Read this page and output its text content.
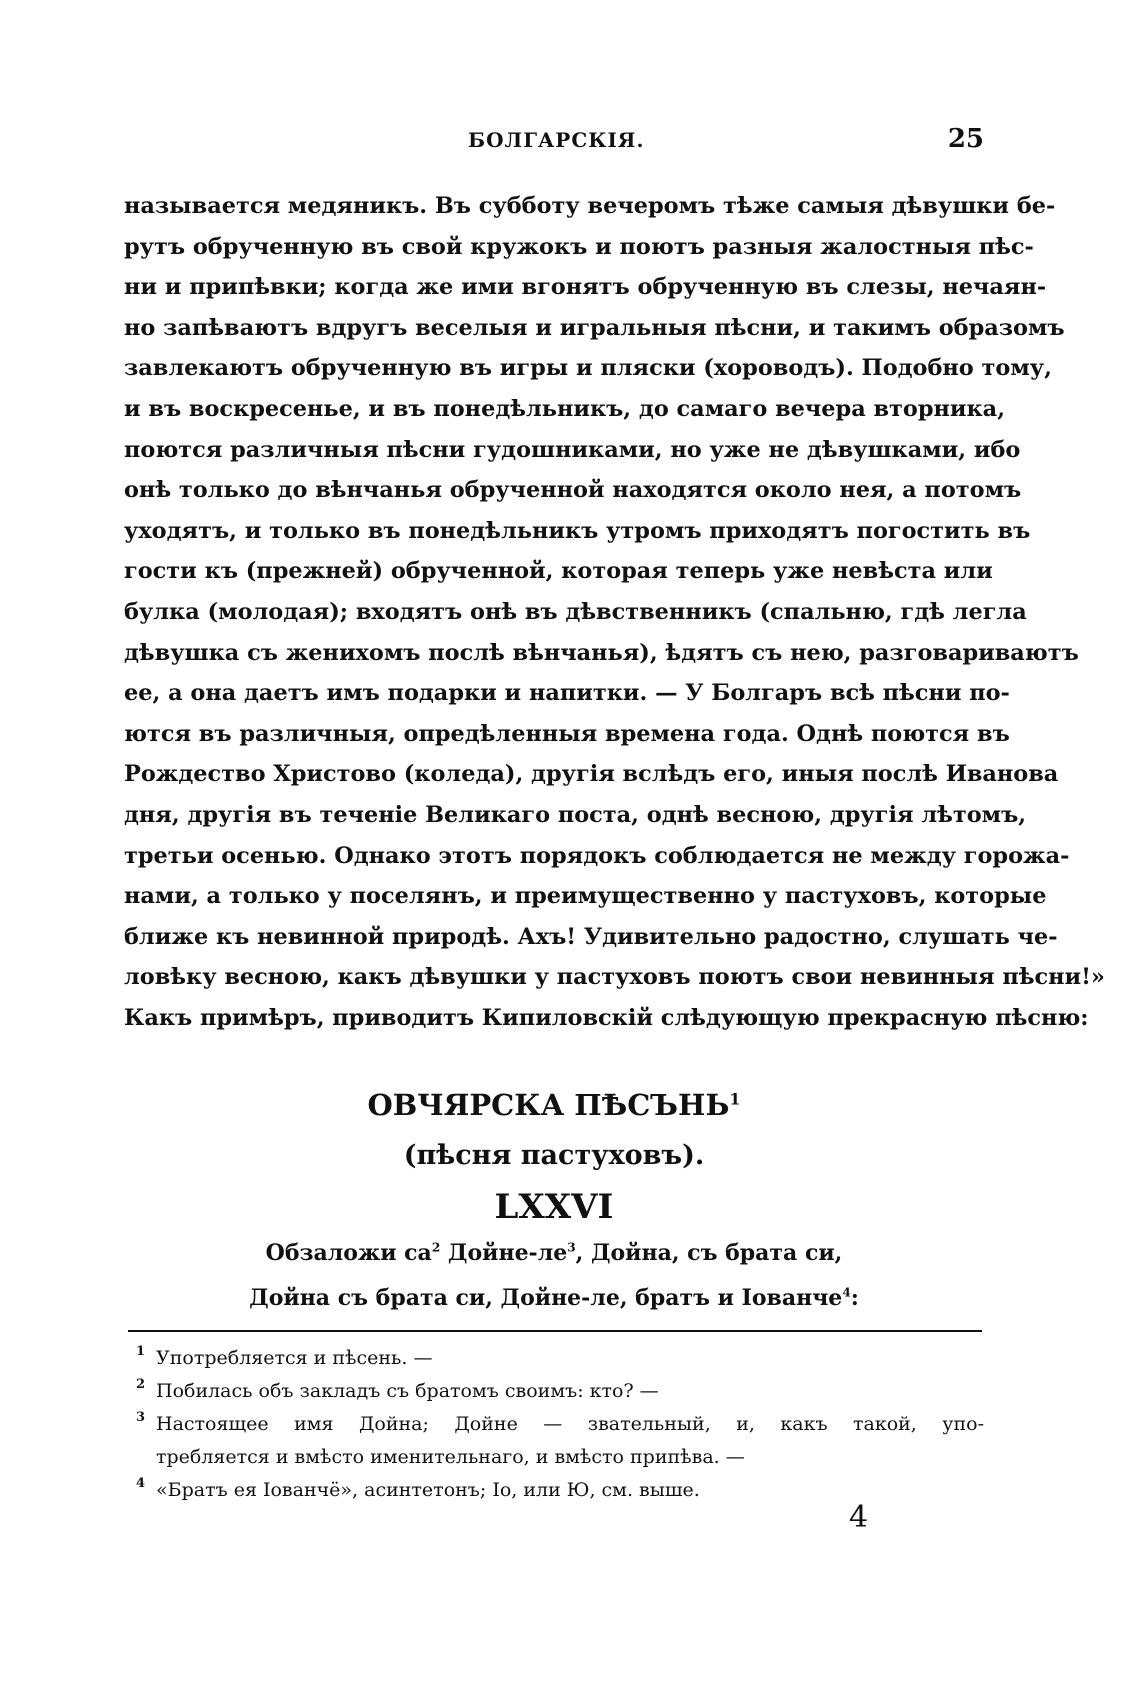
БОЛГАРСКІЯ.	25
называется медяникъ. Въ субботу вечеромъ тѣже самыя дѣвушки бе-
рутъ обрученную въ свой кружокъ и поютъ разныя жалостныя пѣс-
ни и припѣвки; когда же ими вгонятъ обрученную въ слезы, нечаян-
но запѣваютъ вдругъ веселыя и игральныя пѣсни, и такимъ образомъ
завлекаютъ обрученную въ игры и пляски (хороводъ). Подобно тому,
и въ воскресенье, и въ понедѣльникъ, до самаго вечера вторника,
поются различныя пѣсни гудошниками, но уже не дѣвушками, ибо
онѣ только до вѣнчанья обрученной находятся около нея, а потомъ
уходятъ, и только въ понедѣльникъ утромъ приходятъ погостить въ
гости къ (прежней) обрученной, которая теперь уже невѣста или
булка (молодая); входятъ онѣ въ дѣвственникъ (спальню, гдѣ легла
дѣвушка съ женихомъ послѣ вѣнчанья), ѣдятъ съ нею, разговариваютъ
ее, а она даетъ имъ подарки и напитки. — У Болгаръ всѣ пѣсни по-
ются въ различныя, опредѣленныя времена года. Однѣ поются въ
Рождество Христово (коледа), другія вслѣдъ его, иныя послѣ Иванова
дня, другія въ теченіе Великаго поста, однѣ весною, другія лѣтомъ,
третьи осенью. Однако этотъ порядокъ соблюдается не между горожа-
нами, а только у поселянъ, и преимущественно у пастуховъ, которые
ближе къ невинной природѣ. Ахъ! Удивительно радостно, слушать че-
ловѣку весною, какъ дѣвушки у пастуховъ поютъ свои невинныя пѣсни!»
Какъ примѣръ, приводитъ Кипиловскій слѣдующую прекрасную пѣсню:
ОВЧЯРСКА ПѢСЪНЬ$^1$
(пѣсня пастуховъ).
LXXVI
Обзаложи $са^2$ Дойне-$ле^3$, Дойна, съ брата си,
Дойна съ брата си, Дойне-ле, братъ и Іованче$^4$:
1 Употребляется и пѣсень. —
2 Побилась объ закладъ съ братомъ своимъ: кто? —
3 Настоящее имя Дойна; Дойне — звательный, и, какъ такой, упо-
требляется и вмѣсто именительнаго, и вмѣсто припѣва. —
4 «Братъ ея Іованчё», асинтетонъ; Іо, или Ю, см. выше.
4
